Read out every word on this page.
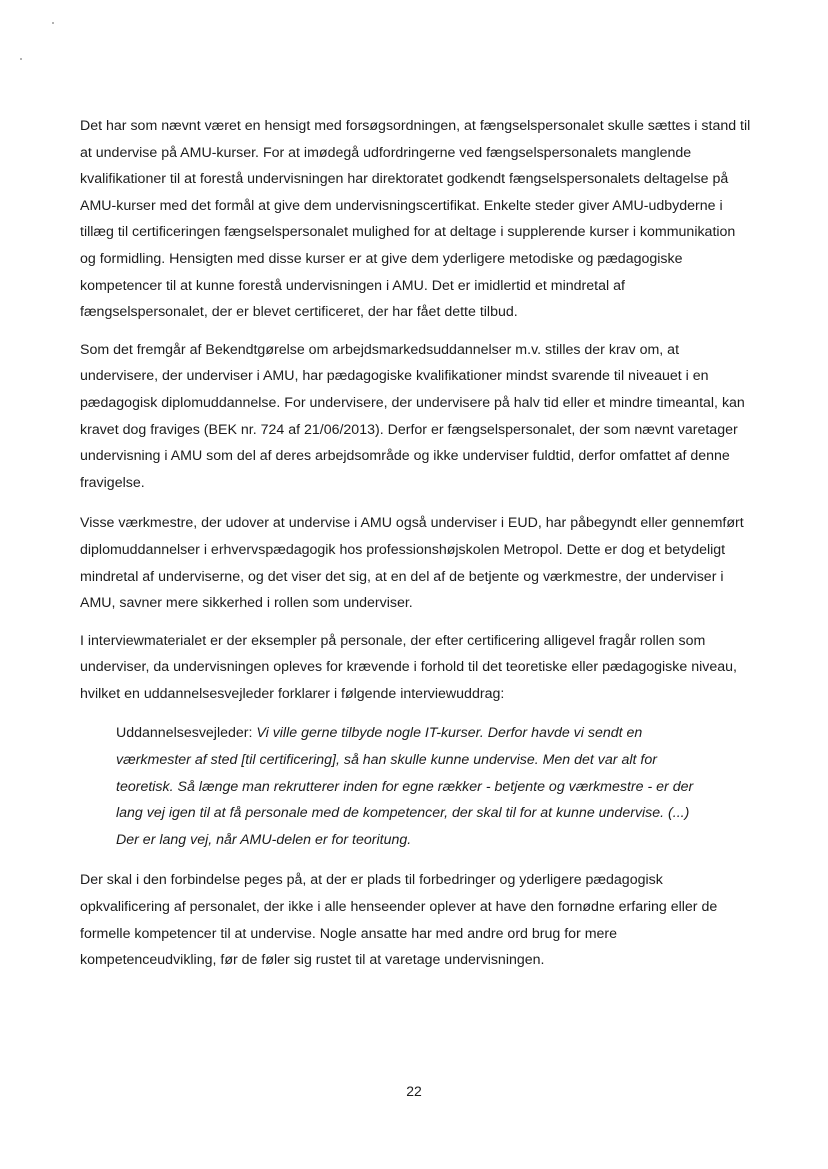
Det har som nævnt været en hensigt med forsøgsordningen, at fængselspersonalet skulle sættes i stand til at undervise på AMU-kurser. For at imødegå udfordringerne ved fængselspersonalets manglende kvalifikationer til at forestå undervisningen har direktoratet godkendt fængselspersonalets deltagelse på AMU-kurser med det formål at give dem undervisningscertifikat. Enkelte steder giver AMU-udbyderne i tillæg til certificeringen fængselspersonalet mulighed for at deltage i supplerende kurser i kommunikation og formidling. Hensigten med disse kurser er at give dem yderligere metodiske og pædagogiske kompetencer til at kunne forestå undervisningen i AMU. Det er imidlertid et mindretal af fængselspersonalet, der er blevet certificeret, der har fået dette tilbud.

Som det fremgår af Bekendtgørelse om arbejdsmarkedsuddannelser m.v. stilles der krav om, at undervisere, der underviser i AMU, har pædagogiske kvalifikationer mindst svarende til niveauet i en pædagogisk diplomuddannelse. For undervisere, der undervisere på halv tid eller et mindre timeantal, kan kravet dog fraviges (BEK nr. 724 af 21/06/2013). Derfor er fængselspersonalet, der som nævnt varetager undervisning i AMU som del af deres arbejdsområde og ikke underviser fuldtid, derfor omfattet af denne fravigelse.

Visse værkmestre, der udover at undervise i AMU også underviser i EUD, har påbegyndt eller gennemført diplomuddannelser i erhvervspædagogik hos professionshøjskolen Metropol. Dette er dog et betydeligt mindretal af underviserne, og det viser det sig, at en del af de betjente og værkmestre, der underviser i AMU, savner mere sikkerhed i rollen som underviser.

I interviewmaterialet er der eksempler på personale, der efter certificering alligevel fragår rollen som underviser, da undervisningen opleves for krævende i forhold til det teoretiske eller pædagogiske niveau, hvilket en uddannelsesvejleder forklarer i følgende interviewuddrag:

Uddannelsesvejleder: Vi ville gerne tilbyde nogle IT-kurser. Derfor havde vi sendt en værkmester af sted [til certificering], så han skulle kunne undervise. Men det var alt for teoretisk. Så længe man rekrutterer inden for egne rækker - betjente og værkmestre - er der lang vej igen til at få personale med de kompetencer, der skal til for at kunne undervise. (...) Der er lang vej, når AMU-delen er for teoritung.

Der skal i den forbindelse peges på, at der er plads til forbedringer og yderligere pædagogisk opkvalificering af personalet, der ikke i alle henseender oplever at have den fornødne erfaring eller de formelle kompetencer til at undervise. Nogle ansatte har med andre ord brug for mere kompetenceudvikling, før de føler sig rustet til at varetage undervisningen.

22
